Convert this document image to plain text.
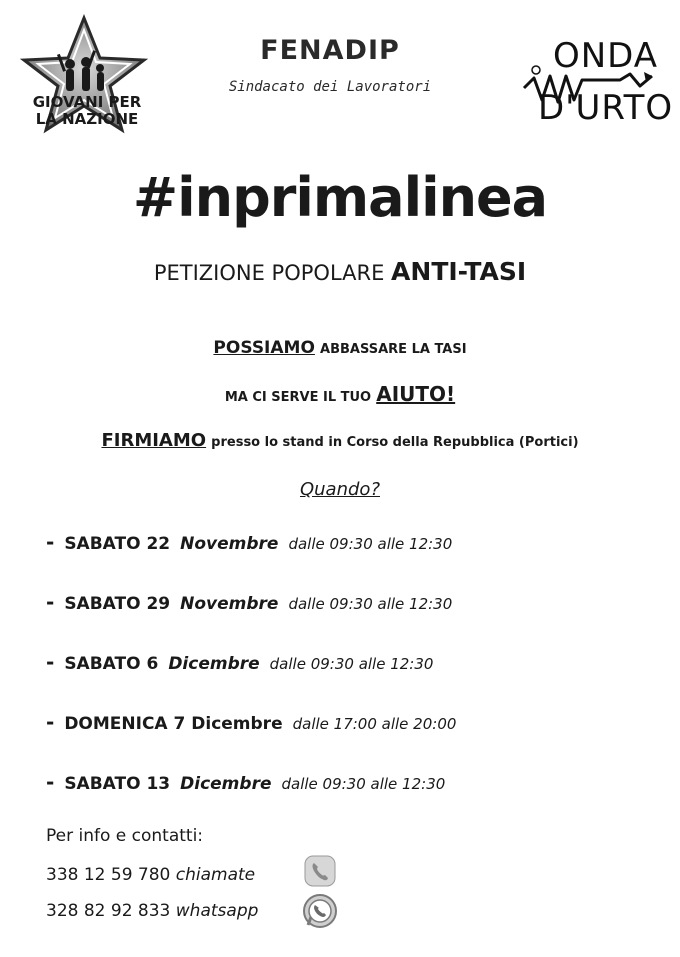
GIOVANI PER LA NAZIONE
FENADIP
Sindacato dei Lavoratori
ONDA D'URTO
#inprimalinea
PETIZIONE POPOLARE ANTI-TASI
POSSIAMO ABBASSARE LA TASI
MA CI SERVE IL TUO AIUTO!
FIRMIAMO presso lo stand in Corso della Repubblica (Portici)
Quando?
- SABATO 22 Novembre dalle 09:30 alle 12:30
- SABATO 29 Novembre dalle 09:30 alle 12:30
- SABATO 6 Dicembre dalle 09:30 alle 12:30
- DOMENICA 7 Dicembre dalle 17:00 alle 20:00
- SABATO 13 Dicembre dalle 09:30 alle 12:30
Per info e contatti:
338 12 59 780 chiamate
328 82 92 833 whatsapp
